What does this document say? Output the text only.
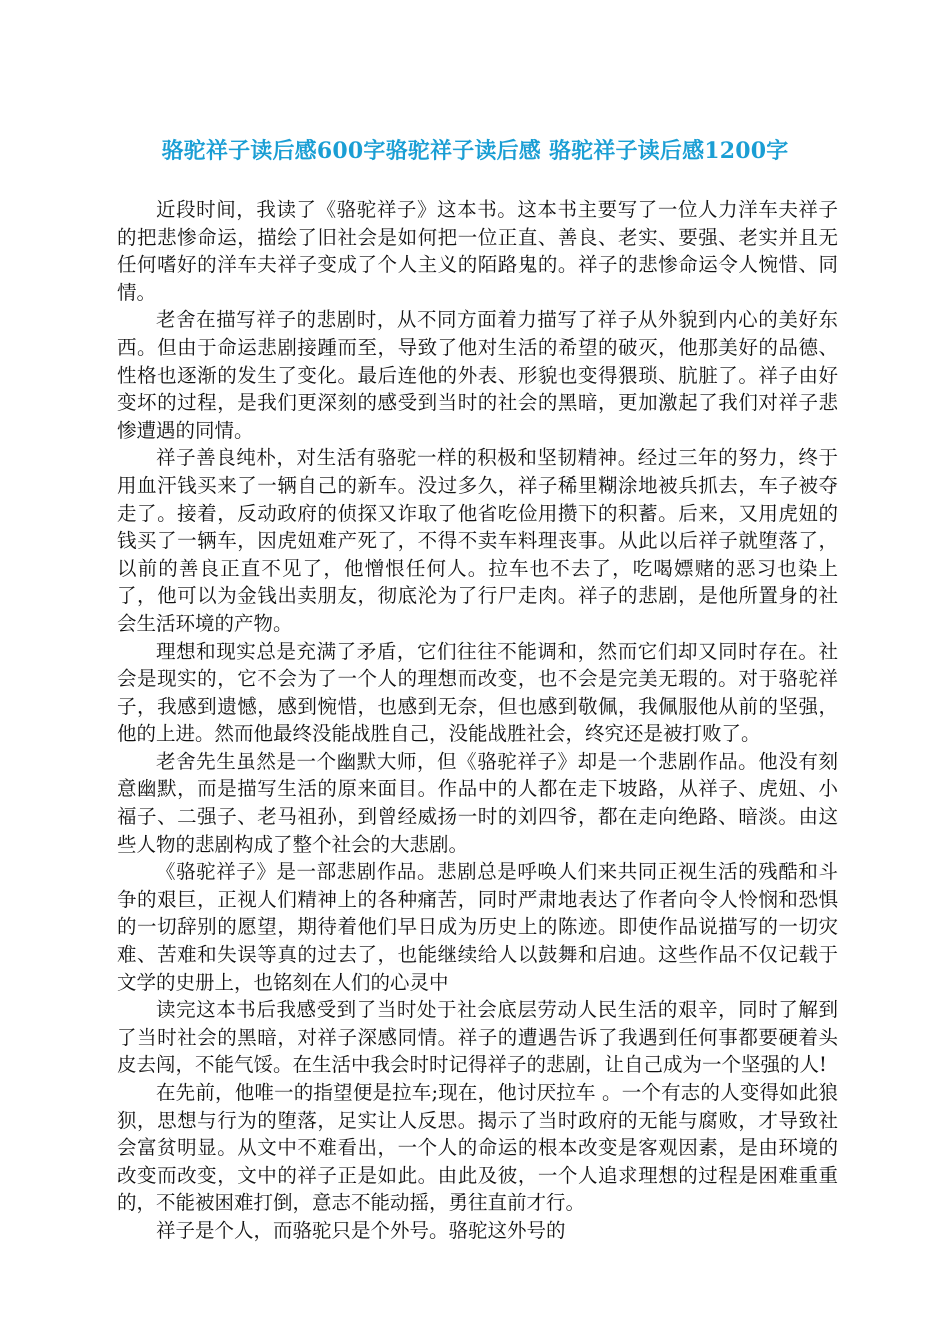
骆驼祥子读后感600字骆驼祥子读后感 骆驼祥子读后感1200字

近段时间，我读了《骆驼祥子》这本书。这本书主要写了一位人力洋车夫祥子的把悲惨命运，描绘了旧社会是如何把一位正直、善良、老实、要强、老实并且无任何嗜好的洋车夫祥子变成了个人主义的陌路鬼的。祥子的悲惨命运令人惋惜、同情。

老舍在描写祥子的悲剧时，从不同方面着力描写了祥子从外貌到内心的美好东西。但由于命运悲剧接踵而至，导致了他对生活的希望的破灭，他那美好的品德、性格也逐渐的发生了变化。最后连他的外表、形貌也变得猥琐、肮脏了。祥子由好变坏的过程，是我们更深刻的感受到当时的社会的黑暗，更加激起了我们对祥子悲惨遭遇的同情。

祥子善良纯朴，对生活有骆驼一样的积极和坚韧精神。经过三年的努力，终于用血汗钱买来了一辆自己的新车。没过多久，祥子稀里糊涂地被兵抓去，车子被夺走了。接着，反动政府的侦探又诈取了他省吃俭用攒下的积蓄。后来，又用虎妞的钱买了一辆车，因虎妞难产死了，不得不卖车料理丧事。从此以后祥子就堕落了，以前的善良正直不见了，他憎恨任何人。拉车也不去了，吃喝嫖赌的恶习也染上了，他可以为金钱出卖朋友，彻底沦为了行尸走肉。祥子的悲剧，是他所置身的社会生活环境的产物。

理想和现实总是充满了矛盾，它们往往不能调和，然而它们却又同时存在。社会是现实的，它不会为了一个人的理想而改变，也不会是完美无瑕的。对于骆驼祥子，我感到遗憾，感到惋惜，也感到无奈，但也感到敬佩，我佩服他从前的坚强，他的上进。然而他最终没能战胜自己，没能战胜社会，终究还是被打败了。

老舍先生虽然是一个幽默大师，但《骆驼祥子》却是一个悲剧作品。他没有刻意幽默，而是描写生活的原来面目。作品中的人都在走下坡路，从祥子、虎妞、小福子、二强子、老马祖孙，到曾经威扬一时的刘四爷，都在走向绝路、暗淡。由这些人物的悲剧构成了整个社会的大悲剧。

《骆驼祥子》是一部悲剧作品。悲剧总是呼唤人们来共同正视生活的残酷和斗争的艰巨，正视人们精神上的各种痛苦，同时严肃地表达了作者向令人怜悯和恐惧的一切辞别的愿望，期待着他们早日成为历史上的陈迹。即使作品说描写的一切灾难、苦难和失误等真的过去了，也能继续给人以鼓舞和启迪。这些作品不仅记载于文学的史册上，也铭刻在人们的心灵中

读完这本书后我感受到了当时处于社会底层劳动人民生活的艰辛，同时了解到了当时社会的黑暗，对祥子深感同情。祥子的遭遇告诉了我遇到任何事都要硬着头皮去闯，不能气馁。在生活中我会时时记得祥子的悲剧，让自己成为一个坚强的人!

在先前，他唯一的指望便是拉车;现在，他讨厌拉车 。一个有志的人变得如此狼狈，思想与行为的堕落，足实让人反思。揭示了当时政府的无能与腐败，才导致社会富贫明显。从文中不难看出，一个人的命运的根本改变是客观因素，是由环境的改变而改变，文中的祥子正是如此。由此及彼，一个人追求理想的过程是困难重重的，不能被困难打倒，意志不能动摇，勇往直前才行。

祥子是个人，而骆驼只是个外号。骆驼这外号的
